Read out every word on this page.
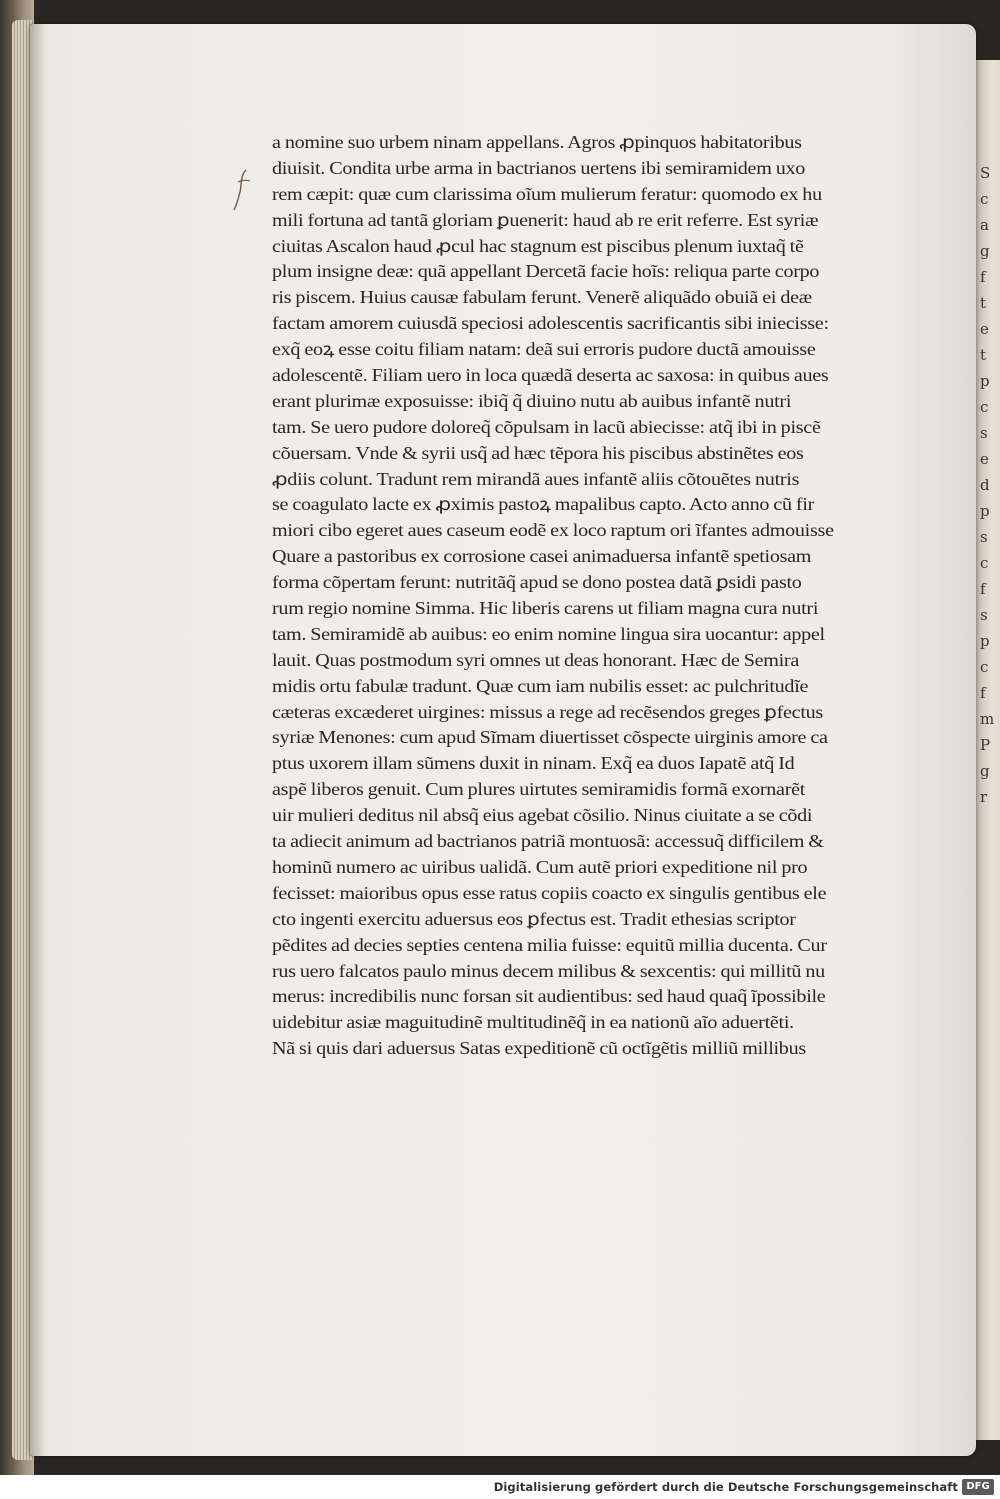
S
c
a
g
f
t
e
t
p
c
s
e
d
p
s
c
f
s
p
c
f
m
P
g
r
a nomine suo urbem ninam appellans. Agros ꝓpinquos habitatoribus
diuisit. Condita urbe arma in bactrianos uertens ibi semiramidem uxo
rem cæpit: quæ cum clarissima oĩum mulierum feratur: quomodo ex hu
mili fortuna ad tantã gloriam ꝑuenerit: haud ab re erit referre. Est syriæ
ciuitas Ascalon haud ꝓcul hac stagnum est piscibus plenum iuxtaq̃ tẽ
plum insigne deæ: quã appellant Dercetã facie hoĩs: reliqua parte corpo
ris piscem. Huius causæ fabulam ferunt. Venerẽ aliquãdo obuiã ei deæ
factam amorem cuiusdã speciosi adolescentis sacrificantis sibi iniecisse:
exq̃ eoꝝ esse coitu filiam natam: deã sui erroris pudore ductã amouisse
adolescentẽ. Filiam uero in loca quædã deserta ac saxosa: in quibus aues
erant plurimæ exposuisse: ibiq̃ q̃ diuino nutu ab auibus infantẽ nutri
tam. Se uero pudore doloreq̃ cõpulsam in lacũ abiecisse: atq̃ ibi in piscẽ
cõuersam. Vnde & syrii usq̃ ad hæc tẽpora his piscibus abstinẽtes eos
ꝓdiis colunt. Tradunt rem mirandã aues infantẽ aliis cõtouẽtes nutris
se coagulato lacte ex ꝓximis pastoꝝ mapalibus capto. Acto anno cũ fir
miori cibo egeret aues caseum eodẽ ex loco raptum ori ĩfantes admouisse
Quare a pastoribus ex corrosione casei animaduersa infantẽ spetiosam
forma cõpertam ferunt: nutritãq̃ apud se dono postea datã ꝑsidi pasto
rum regio nomine Simma. Hic liberis carens ut filiam magna cura nutri
tam. Semiramidẽ ab auibus: eo enim nomine lingua sira uocantur: appel
lauit. Quas postmodum syri omnes ut deas honorant. Hæc de Semira
midis ortu fabulæ tradunt. Quæ cum iam nubilis esset: ac pulchritudĩe
cæteras excæderet uirgines: missus a rege ad recẽsendos greges ꝑfectus
syriæ Menones: cum apud Sĩmam diuertisset cõspecte uirginis amore ca
ptus uxorem illam sũmens duxit in ninam. Exq̃ ea duos Iapatẽ atq̃ Id
aspẽ liberos genuit. Cum plures uirtutes semiramidis formã exornarẽt
uir mulieri deditus nil absq̃ eius agebat cõsilio. Ninus ciuitate a se cõdi
ta adiecit animum ad bactrianos patriã montuosã: accessuq̃ difficilem &
hominũ numero ac uiribus ualidã. Cum autẽ priori expeditione nil pro
fecisset: maioribus opus esse ratus copiis coacto ex singulis gentibus ele
cto ingenti exercitu aduersus eos ꝑfectus est. Tradit ethesias scriptor
pẽdites ad decies septies centena milia fuisse: equitũ millia ducenta. Cur
rus uero falcatos paulo minus decem milibus & sexcentis: qui millitũ nu
merus: incredibilis nunc forsan sit audientibus: sed haud quaq̃ ĩpossibile
uidebitur asiæ maguitudinẽ multitudinẽq̃ in ea nationũ aĩo aduertẽti.
Nã si quis dari aduersus Satas expeditionẽ cũ octĩgẽtis milliũ millibus
Digitalisierung gefördert durch die Deutsche Forschungsgemeinschaft DFG
